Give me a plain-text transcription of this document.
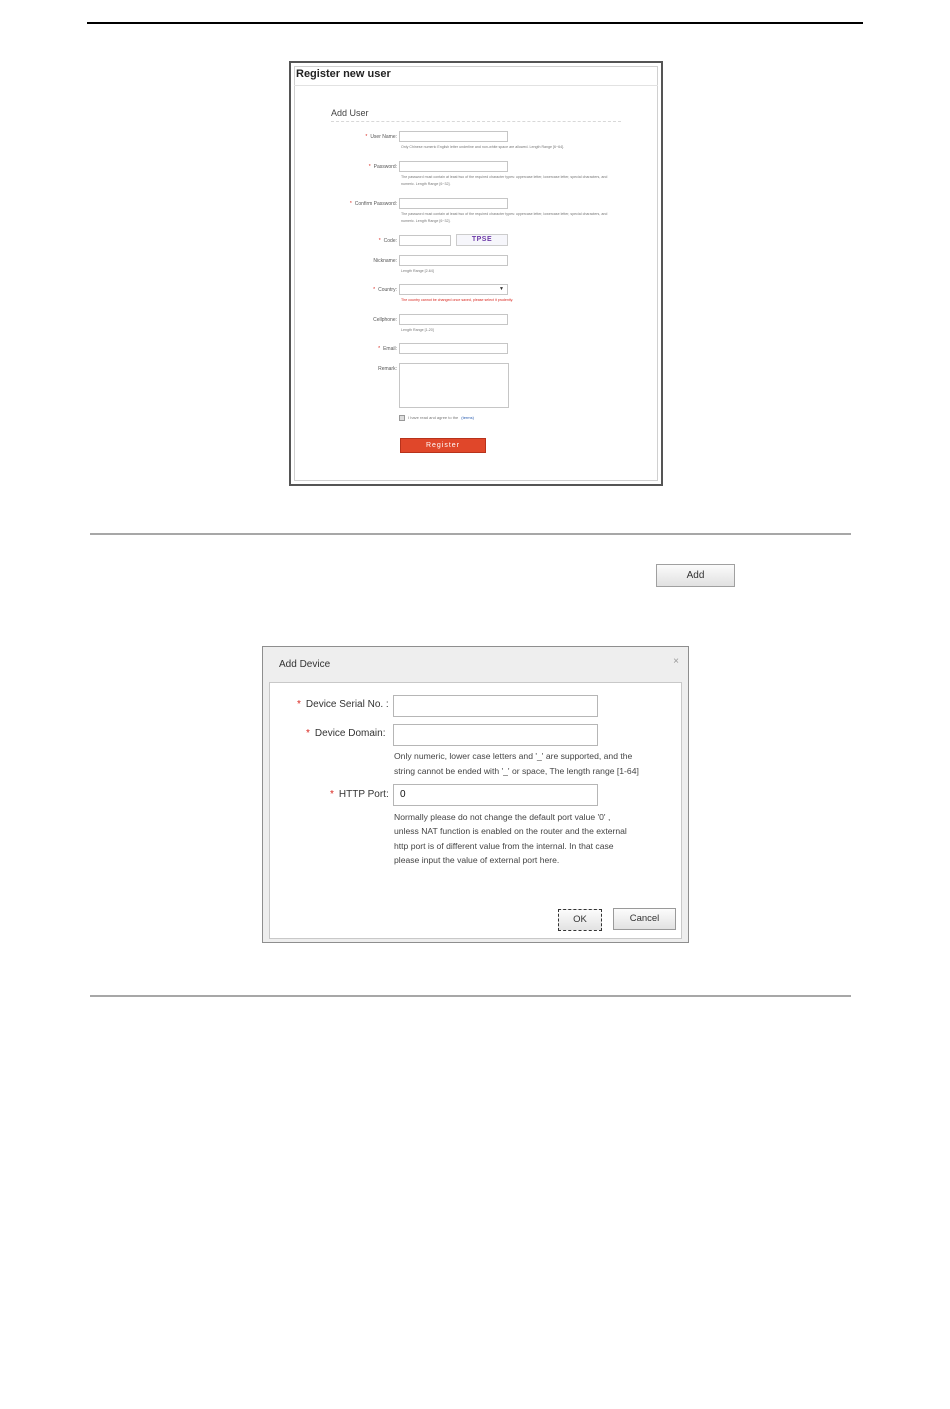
Register new user
Add User
* User Name:
Only Chinese numeric English letter underline and non-white space are allowed. Length Range [6~64].
* Password:
The password must contain at least two of the required character types: uppercase letter, lowercase letter, special characters, and numeric. Length Range [6~32].
* Confirm Password:
The password must contain at least two of the required character types: uppercase letter, lowercase letter, special characters, and numeric. Length Range [6~32].
* Code:	TPSE
Nickname:
Length Range [2-64]
* Country:	▼
The country cannot be changed once saved, please select it prudently.
Cellphone:
Length Range [1-20]
* Email:
Remark:
I have read and agree to the (terms)
Register
Add
Add Device	×
* Device Serial No. :
* Device Domain:
Only numeric, lower case letters and '_' are supported, and the
string cannot be ended with '_' or space, The length range [1-64]
* HTTP Port:	0
Normally please do not change the default port value '0' ,
unless NAT function is enabled on the router and the external
http port is of different value from the internal. In that case
please input the value of external port here.
OK	Cancel
